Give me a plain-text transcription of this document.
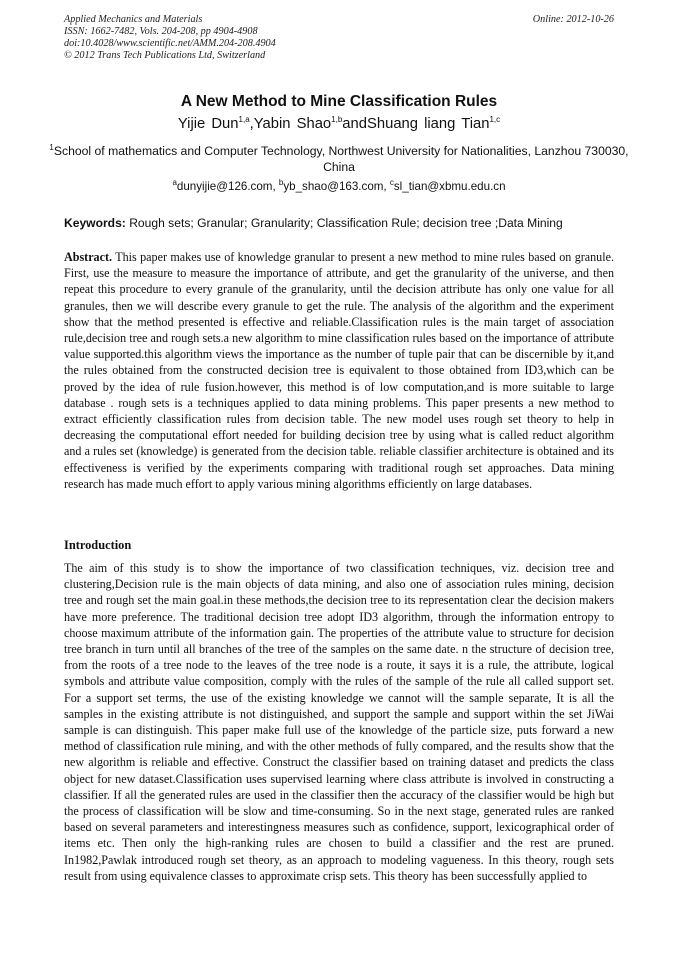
Applied Mechanics and Materials
ISSN: 1662-7482, Vols. 204-208, pp 4904-4908
doi:10.4028/www.scientific.net/AMM.204-208.4904
© 2012 Trans Tech Publications Ltd, Switzerland
Online: 2012-10-26
A New Method to Mine Classification Rules
Yijie Dun$^{1,a}$,Yabin Shao$^{1,b}$andShuang liang Tian$^{1,c}$
$^1$School of mathematics and Computer Technology, Northwest University for Nationalities, Lanzhou 730030, China
$^a$dunyijie@126.com, $^b$yb_shao@163.com, $^c$sl_tian@xbmu.edu.cn
Keywords: Rough sets; Granular; Granularity; Classification Rule; decision tree ;Data Mining
Abstract. This paper makes use of knowledge granular to present a new method to mine rules based on granule. First, use the measure to measure the importance of attribute, and get the granularity of the universe, and then repeat this procedure to every granule of the granularity, until the decision attribute has only one value for all granules, then we will describe every granule to get the rule. The analysis of the algorithm and the experiment show that the method presented is effective and reliable.Classification rules is the main target of association rule,decision tree and rough sets.a new algorithm to mine classification rules based on the importance of attribute value supported.this algorithm views the importance as the number of tuple pair that can be discernible by it,and the rules obtained from the constructed decision tree is equivalent to those obtained from ID3,which can be proved by the idea of rule fusion.however, this method is of low computation,and is more suitable to large database . rough sets is a techniques applied to data mining problems. This paper presents a new method to extract efficiently classification rules from decision table. The new model uses rough set theory to help in decreasing the computational effort needed for building decision tree by using what is called reduct algorithm and a rules set (knowledge) is generated from the decision table. reliable classifier architecture is obtained and its effectiveness is verified by the experiments comparing with traditional rough set approaches. Data mining research has made much effort to apply various mining algorithms efficiently on large databases.
Introduction
The aim of this study is to show the importance of two classification techniques, viz. decision tree and clustering,Decision rule is the main objects of data mining, and also one of association rules mining, decision tree and rough set the main goal.in these methods,the decision tree to its representation clear the decision makers have more preference. The traditional decision tree adopt ID3 algorithm, through the information entropy to choose maximum attribute of the information gain. The properties of the attribute value to structure for decision tree branch in turn until all branches of the tree of the samples on the same date. n the structure of decision tree, from the roots of a tree node to the leaves of the tree node is a route, it says it is a rule, the attribute, logical symbols and attribute value composition, comply with the rules of the sample of the rule all called support set. For a support set terms, the use of the existing knowledge we cannot will the sample separate, It is all the samples in the existing attribute is not distinguished, and support the sample and support within the set JiWai sample is can distinguish. This paper make full use of the knowledge of the particle size, puts forward a new method of classification rule mining, and with the other methods of fully compared, and the results show that the new algorithm is reliable and effective. Construct the classifier based on training dataset and predicts the class object for new dataset.Classification uses supervised learning where class attribute is involved in constructing a classifier. If all the generated rules are used in the classifier then the accuracy of the classifier would be high but the process of classification will be slow and time-consuming. So in the next stage, generated rules are ranked based on several parameters and interestingness measures such as confidence, support, lexicographical order of items etc. Then only the high-ranking rules are chosen to build a classifier and the rest are pruned. In1982,Pawlak introduced rough set theory, as an approach to modeling vagueness. In this theory, rough sets result from using equivalence classes to approximate crisp sets. This theory has been successfully applied to
